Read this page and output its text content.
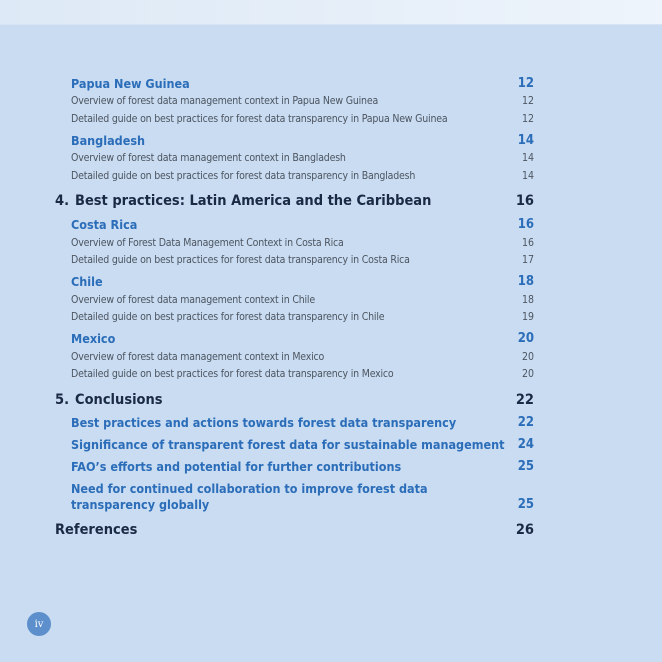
Papua New Guinea	12
Overview of forest data management context in Papua New Guinea	12
Detailed guide on best practices for forest data transparency in Papua New Guinea	12
Bangladesh	14
Overview of forest data management context in Bangladesh	14
Detailed guide on best practices for forest data transparency in Bangladesh	14
4. Best practices: Latin America and the Caribbean	16
Costa Rica	16
Overview of Forest Data Management Context in Costa Rica	16
Detailed guide on best practices for forest data transparency in Costa Rica	17
Chile	18
Overview of forest data management context in Chile	18
Detailed guide on best practices for forest data transparency in Chile	19
Mexico	20
Overview of forest data management context in Mexico	20
Detailed guide on best practices for forest data transparency in Mexico	20
5. Conclusions	22
Best practices and actions towards forest data transparency	22
Significance of transparent forest data for sustainable management 24
FAO’s efforts and potential for further contributions	25
Need for continued collaboration to improve forest data
transparency globally	25
References	26
iv
